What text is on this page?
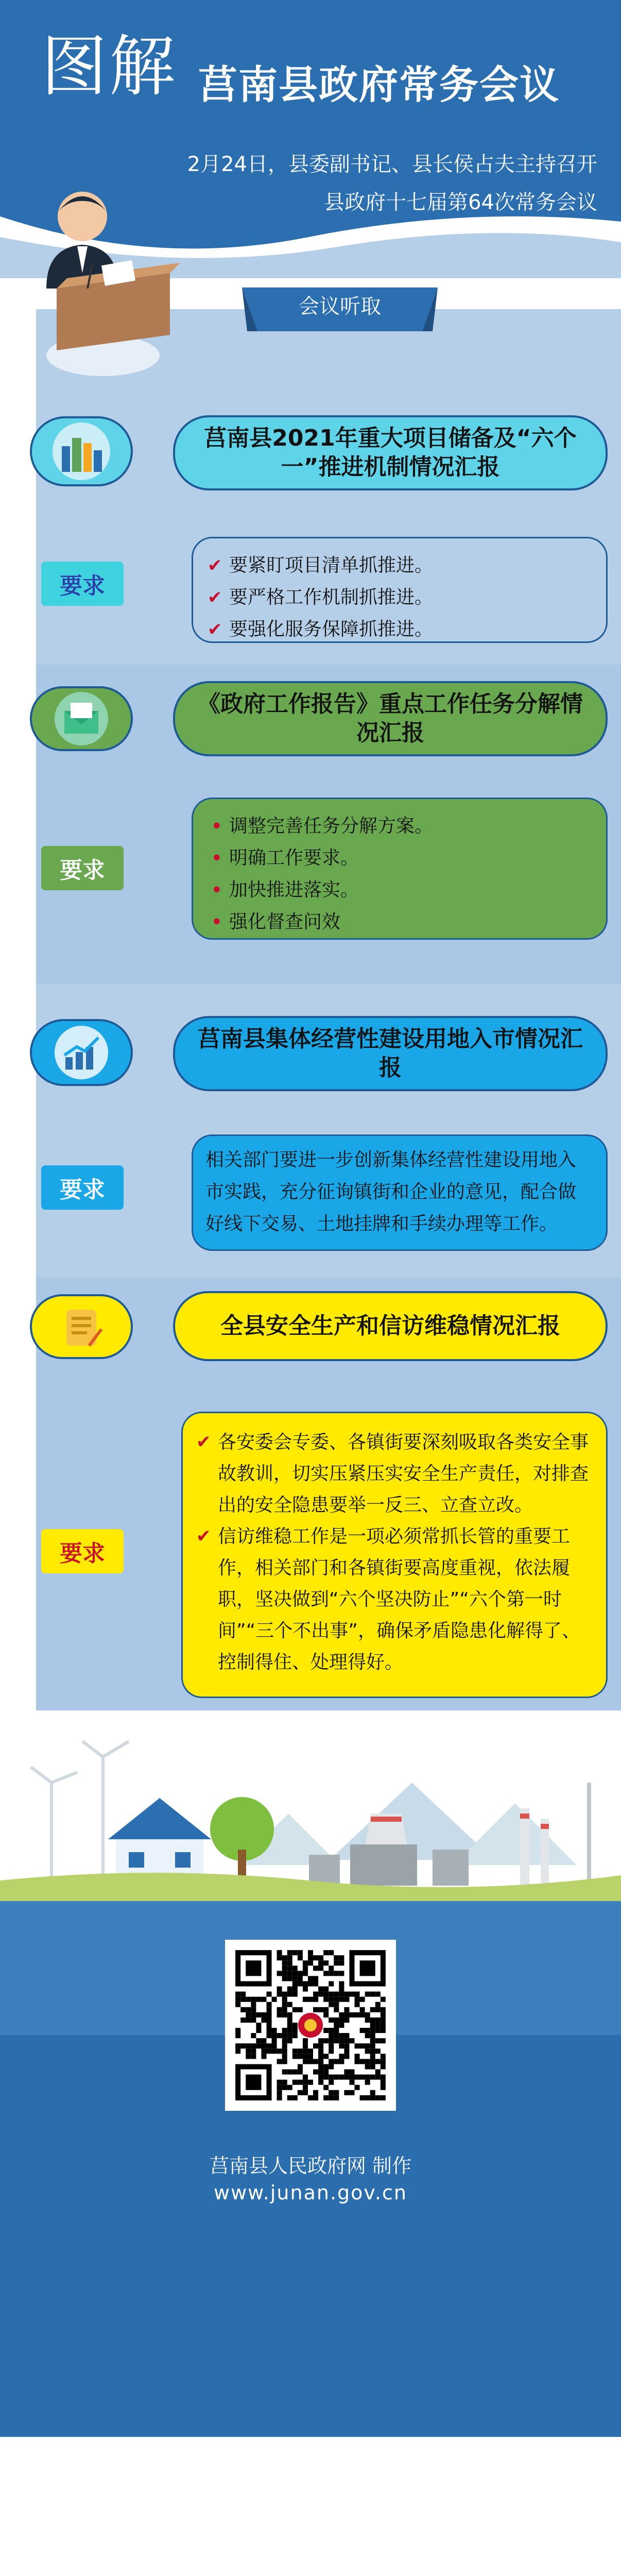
图解 莒南县政府常务会议
2月24日，县委副书记、县长侯占夫主持召开
县政府十七届第64次常务会议
会议听取
莒南县2021年重大项目储备及“六个一”推进机制情况汇报
要求
✔ 要紧盯项目清单抓推进。
✔ 要严格工作机制抓推进。
✔ 要强化服务保障抓推进。
《政府工作报告》重点工作任务分解情况汇报
要求
• 调整完善任务分解方案。
• 明确工作要求。
• 加快推进落实。
• 强化督查问效
莒南县集体经营性建设用地入市情况汇报
要求
相关部门要进一步创新集体经营性建设用地入市实践，充分征询镇街和企业的意见，配合做好线下交易、土地挂牌和手续办理等工作。
全县安全生产和信访维稳情况汇报
要求
✔ 各安委会专委、各镇街要深刻吸取各类安全事故教训，切实压紧压实安全生产责任，对排查出的安全隐患要举一反三、立查立改。
✔ 信访维稳工作是一项必须常抓长管的重要工作，相关部门和各镇街要高度重视，依法履职，坚决做到“六个坚决防止”“六个第一时间”“三个不出事”，确保矛盾隐患化解得了、控制得住、处理得好。
莒南县人民政府网 制作
www.junan.gov.cn
